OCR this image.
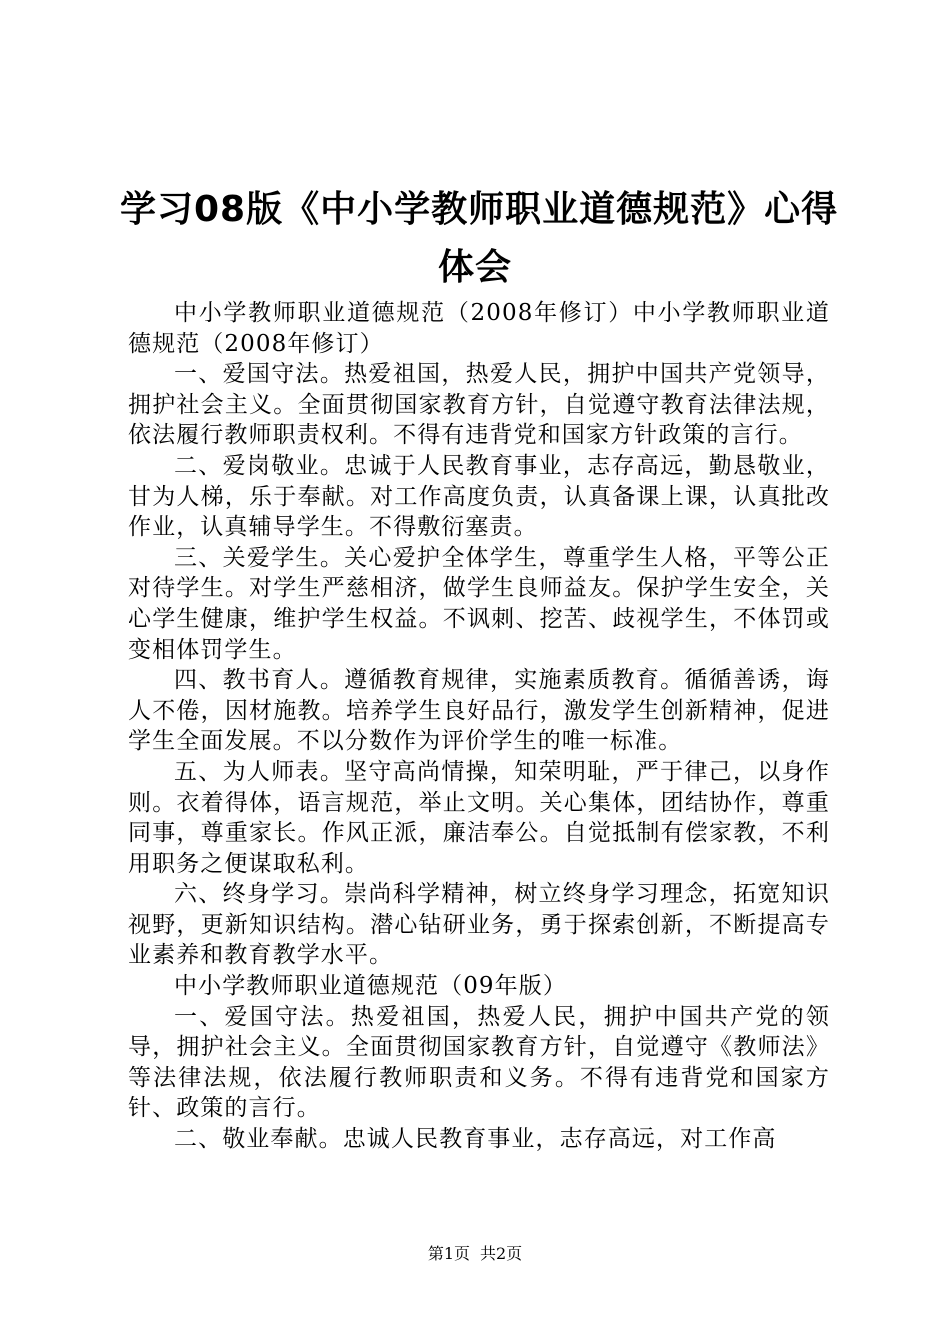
学习08版《中小学教师职业道德规范》心得
体会

中小学教师职业道德规范（2008年修订）中小学教师职业道德规范（2008年修订）

一、爱国守法。热爱祖国，热爱人民，拥护中国共产党领导，拥护社会主义。全面贯彻国家教育方针，自觉遵守教育法律法规，依法履行教师职责权利。不得有违背党和国家方针政策的言行。

二、爱岗敬业。忠诚于人民教育事业，志存高远，勤恳敬业，甘为人梯，乐于奉献。对工作高度负责，认真备课上课，认真批改作业，认真辅导学生。不得敷衍塞责。

三、关爱学生。关心爱护全体学生，尊重学生人格，平等公正对待学生。对学生严慈相济，做学生良师益友。保护学生安全，关心学生健康，维护学生权益。不讽刺、挖苦、歧视学生，不体罚或变相体罚学生。

四、教书育人。遵循教育规律，实施素质教育。循循善诱，诲人不倦，因材施教。培养学生良好品行，激发学生创新精神，促进学生全面发展。不以分数作为评价学生的唯一标准。

五、为人师表。坚守高尚情操，知荣明耻，严于律己，以身作则。衣着得体，语言规范，举止文明。关心集体，团结协作，尊重同事，尊重家长。作风正派，廉洁奉公。自觉抵制有偿家教，不利用职务之便谋取私利。

六、终身学习。崇尚科学精神，树立终身学习理念，拓宽知识视野，更新知识结构。潜心钻研业务，勇于探索创新，不断提高专业素养和教育教学水平。

中小学教师职业道德规范（09年版）

一、爱国守法。热爱祖国，热爱人民，拥护中国共产党的领导，拥护社会主义。全面贯彻国家教育方针，自觉遵守《教师法》等法律法规，依法履行教师职责和义务。不得有违背党和国家方针、政策的言行。

二、敬业奉献。忠诚人民教育事业，志存高远，对工作高

第1页 共2页
